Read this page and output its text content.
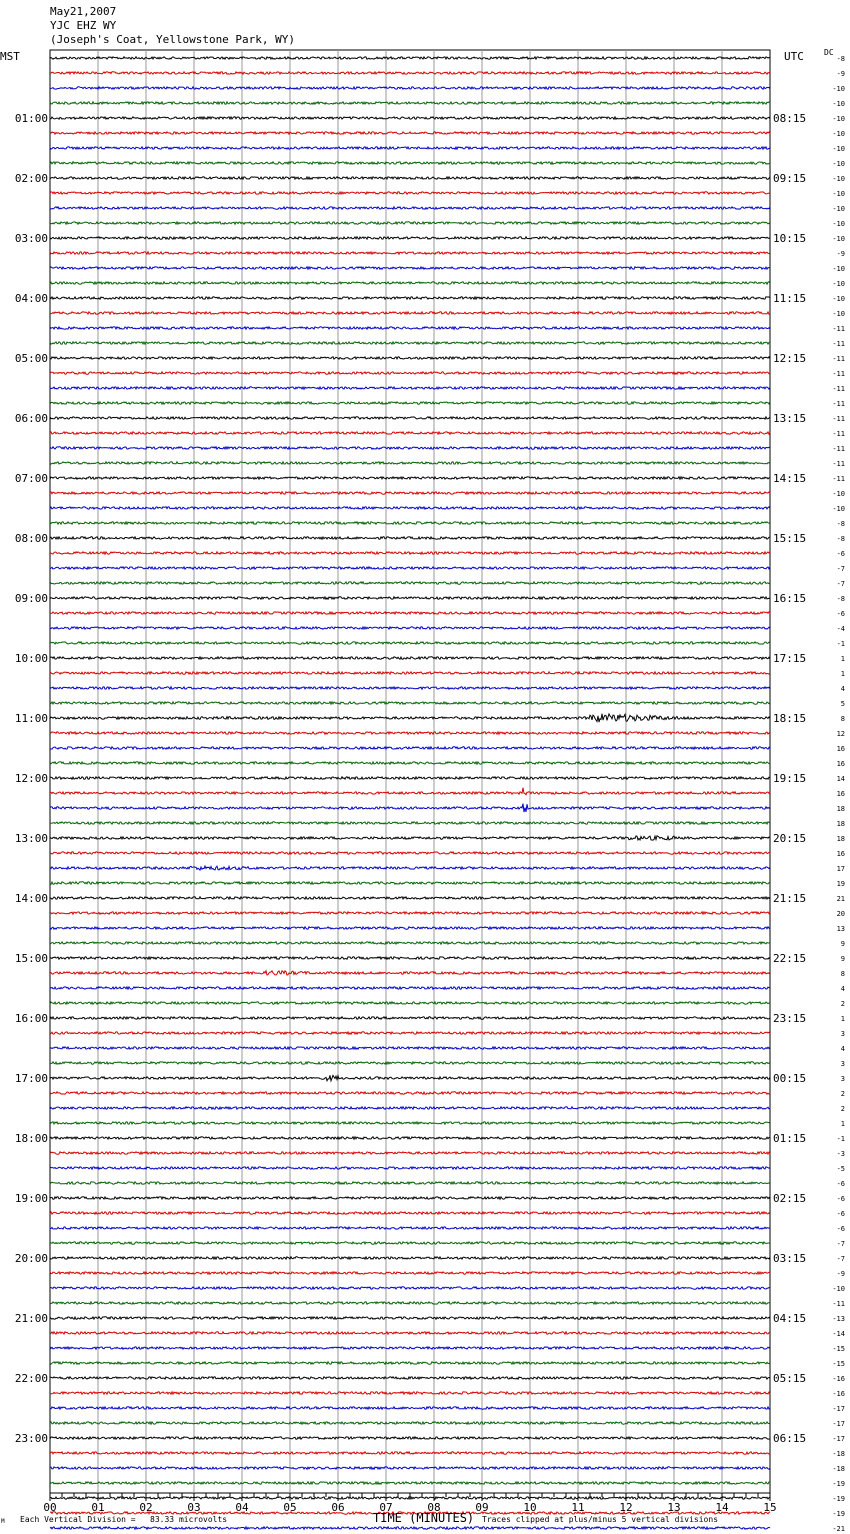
May21,2007
YJC EHZ WY
(Joseph's Coat, Yellowstone Park, WY)
MST	UTC	DC
00	01	02	03	04	05	06	07	08	09	10	11	12	13	14	15
-8
-9
-10
-10
-10
-10
-10
-10
-10
-10
-10
-10
-10
-9
-10
-10
-10
-10
-11
-11
-11
-11
-11
-11
-11
-11
-11
-11
-11
-10
-10
-8
-8
-6
-7
-7
-8
-6
-4
-1
1
1
4
5
8
12
16
16
14
16
18
18
18
16
17
19
21
20
13
9
9
8
4
2
1
3
4
3
3
2
2
1
-1
-3
-5
-6
-6
-6
-6
-7
-7
-9
-10
-11
-13
-14
-15
-15
-16
-16
-17
-17
-17
-18
-18
-19
-19
-19
-21
01:00	08:15
02:00	09:15
03:00	10:15
04:00	11:15
05:00	12:15
06:00	13:15
07:00	14:15
08:00	15:15
09:00	16:15
10:00	17:15
11:00	18:15
12:00	19:15
13:00	20:15
14:00	21:15
15:00	22:15
16:00	23:15
17:00	00:15
18:00	01:15
19:00	02:15
20:00	03:15
21:00	04:15
22:00	05:15
23:00	06:15
TIME (MINUTES)
Each Vertical Division =   83.33 microvolts	Traces clipped at plus/minus 5 vertical divisions
M
